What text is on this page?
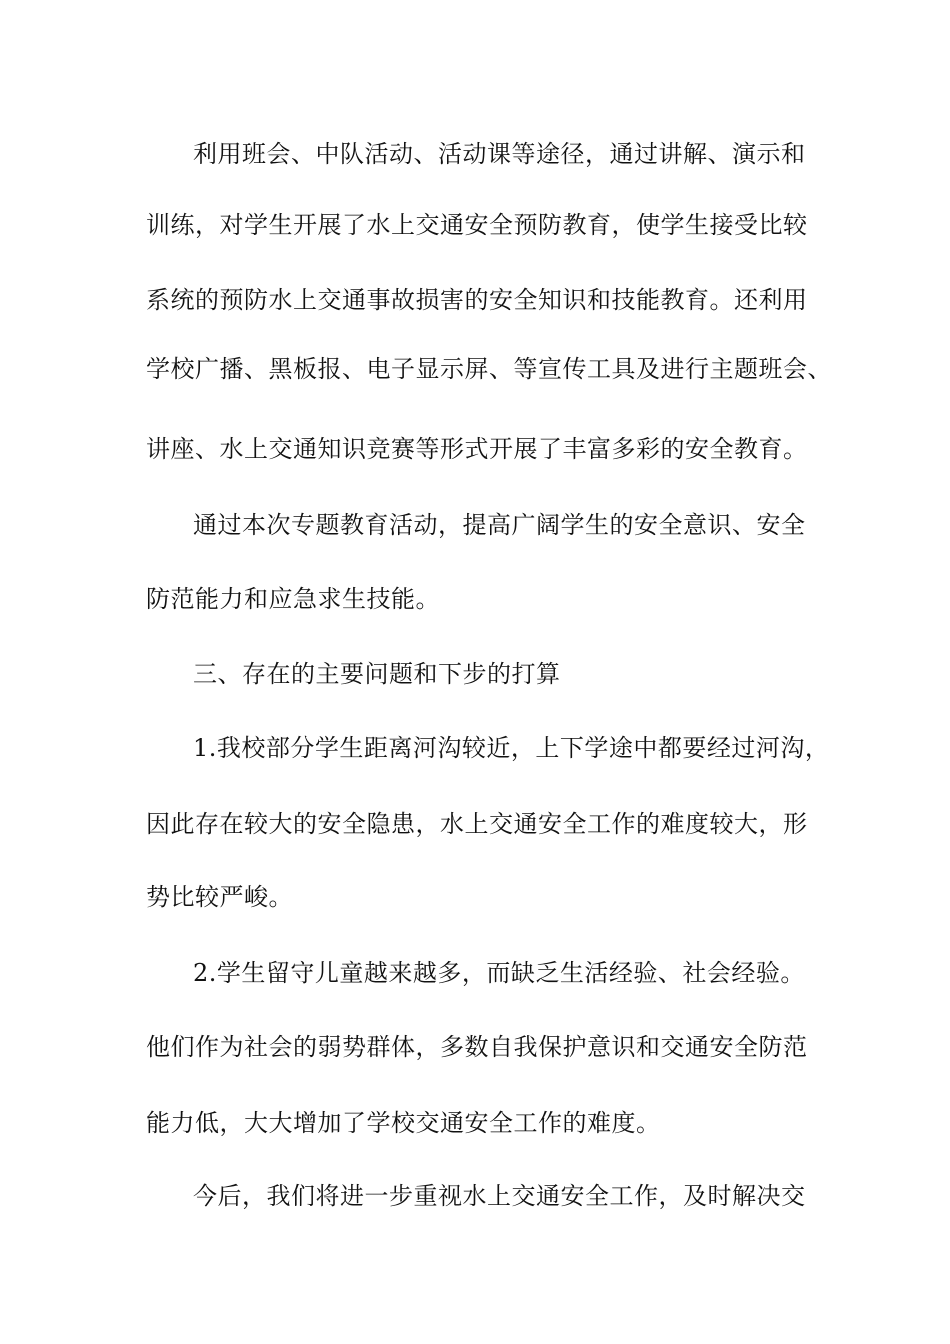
利用班会、中队活动、活动课等途径，通过讲解、演示和
训练，对学生开展了水上交通安全预防教育，使学生接受比较
系统的预防水上交通事故损害的安全知识和技能教育。还利用
学校广播、黑板报、电子显示屏、等宣传工具及进行主题班会、
讲座、水上交通知识竞赛等形式开展了丰富多彩的安全教育。
通过本次专题教育活动，提高广阔学生的安全意识、安全
防范能力和应急求生技能。
三、存在的主要问题和下步的打算
1.我校部分学生距离河沟较近，上下学途中都要经过河沟，
因此存在较大的安全隐患，水上交通安全工作的难度较大，形
势比较严峻。
2.学生留守儿童越来越多，而缺乏生活经验、社会经验。
他们作为社会的弱势群体，多数自我保护意识和交通安全防范
能力低，大大增加了学校交通安全工作的难度。
今后，我们将进一步重视水上交通安全工作，及时解决交
